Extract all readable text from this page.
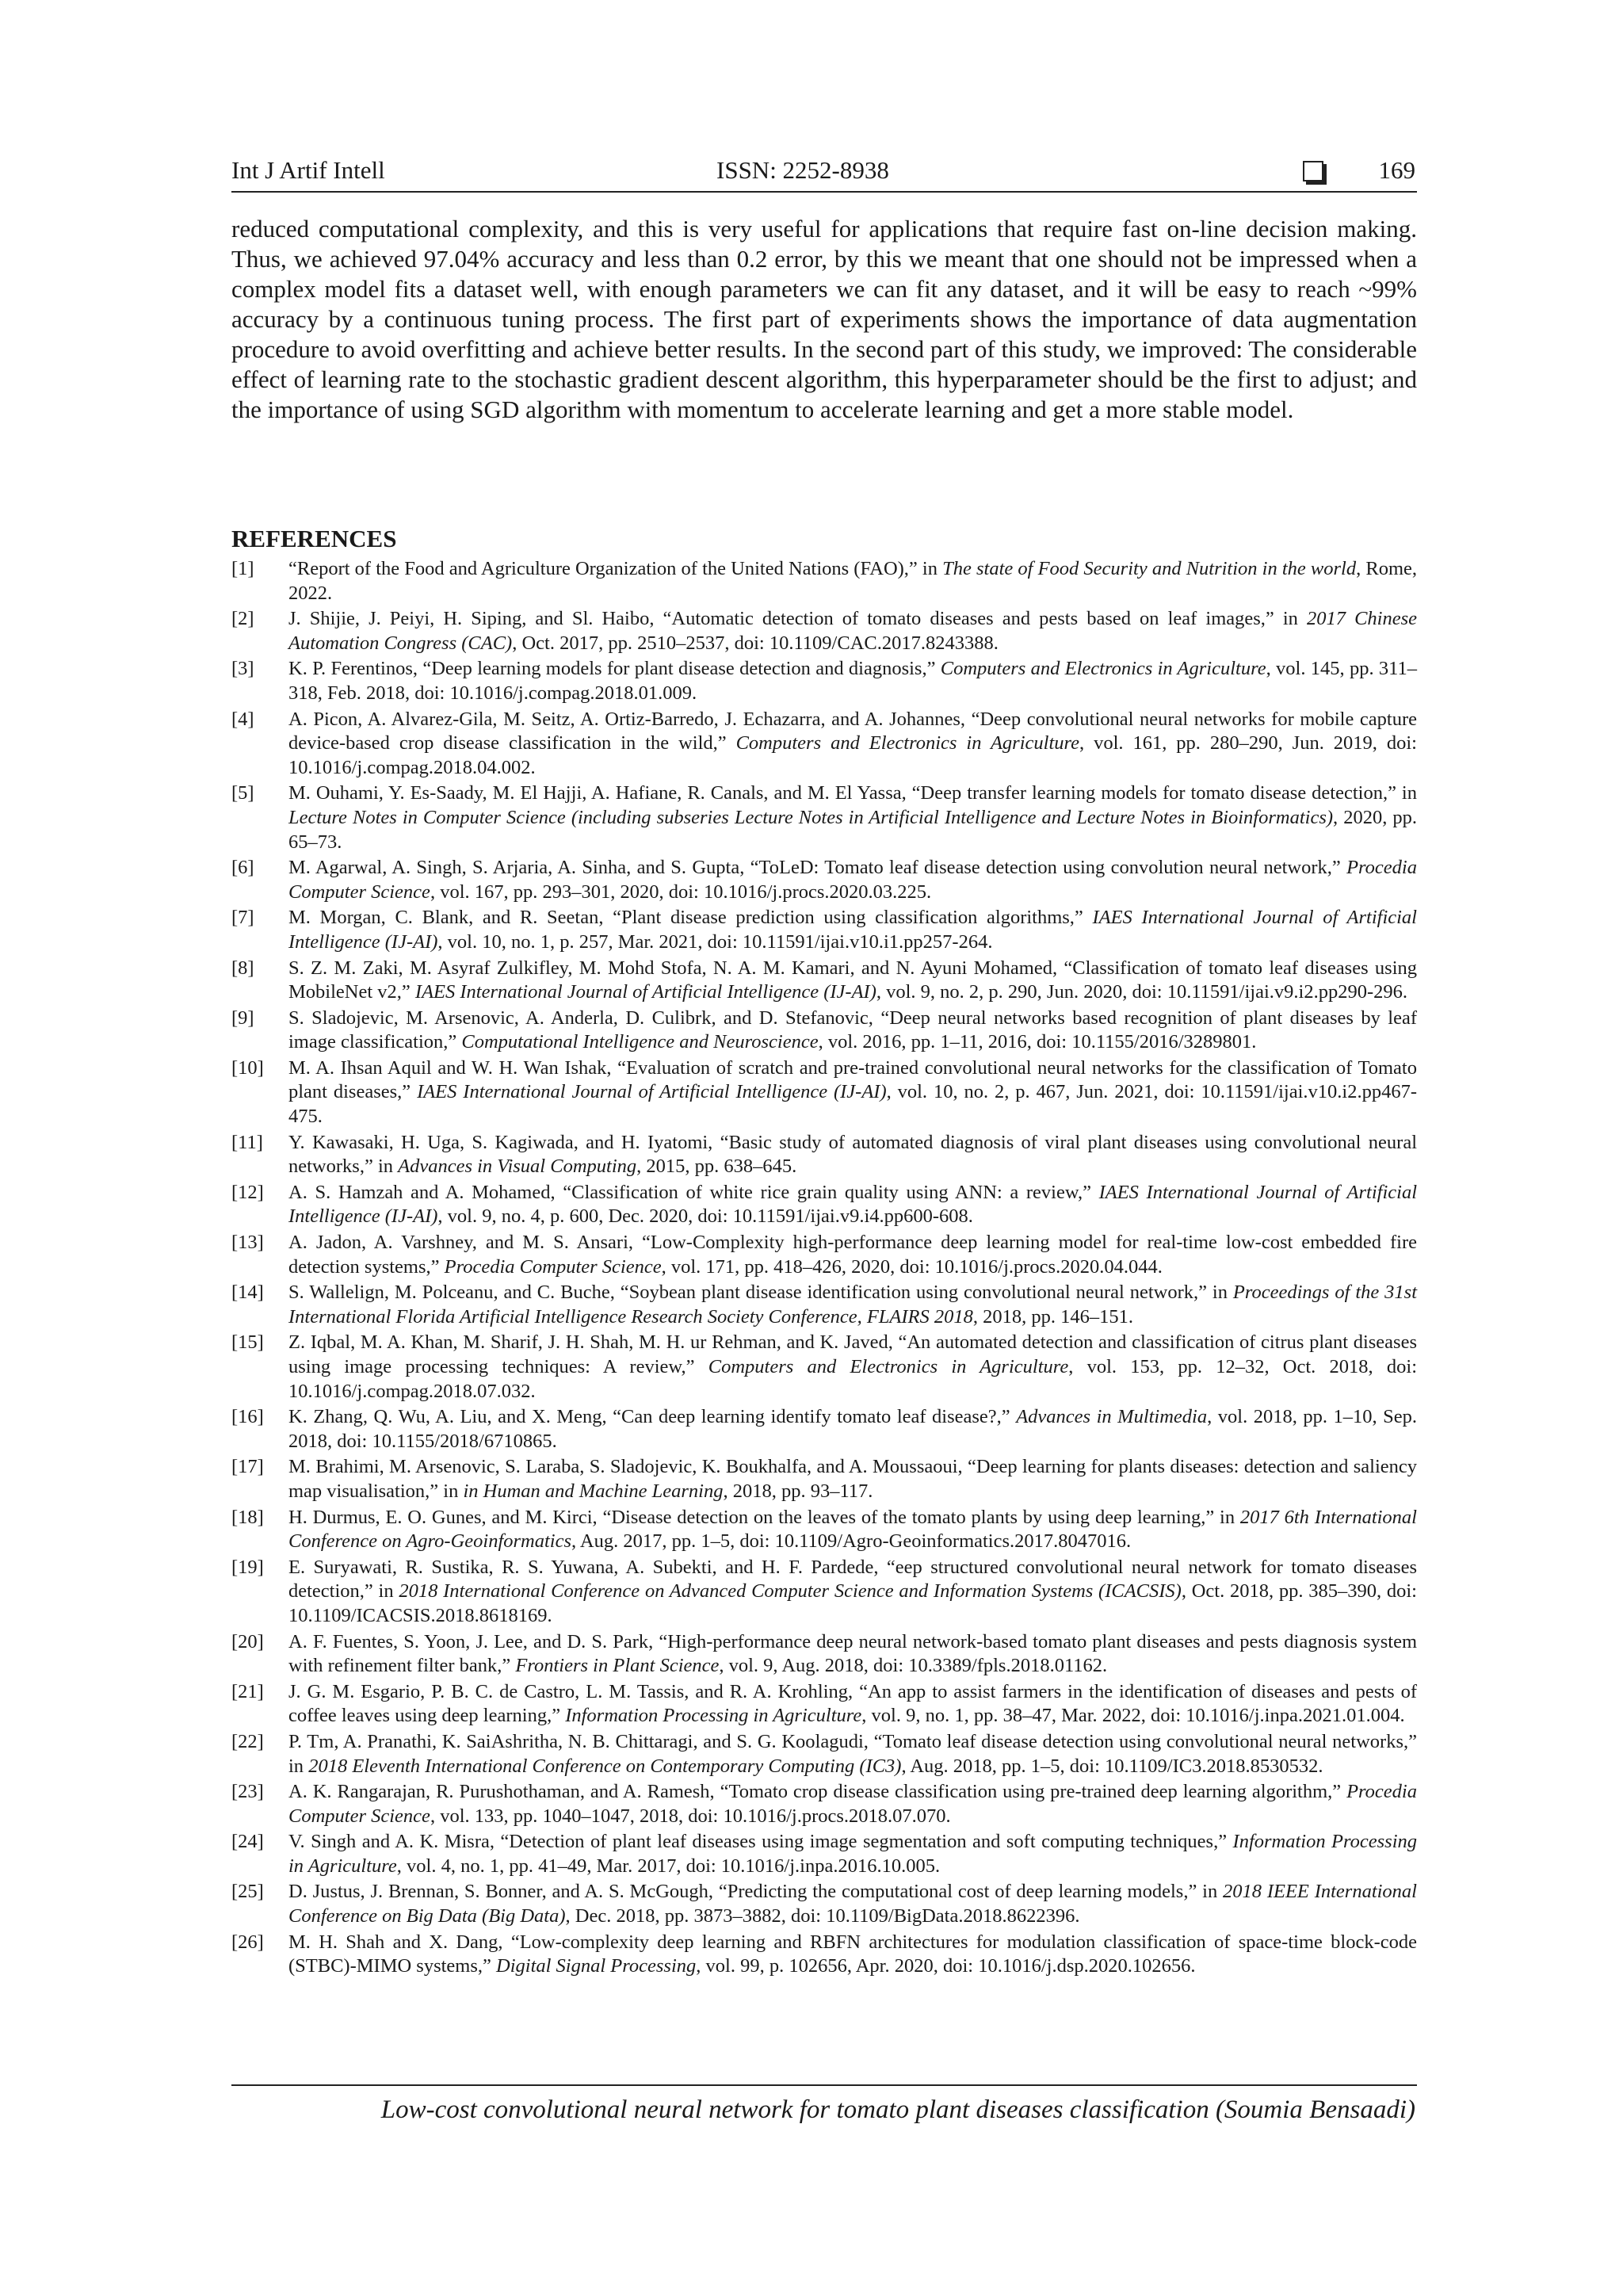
Int J Artif Intell	ISSN: 2252-8938	169

reduced computational complexity, and this is very useful for applications that require fast on-line decision making. Thus, we achieved 97.04% accuracy and less than 0.2 error, by this we meant that one should not be impressed when a complex model fits a dataset well, with enough parameters we can fit any dataset, and it will be easy to reach ~99% accuracy by a continuous tuning process. The first part of experiments shows the importance of data augmentation procedure to avoid overfitting and achieve better results. In the second part of this study, we improved: The considerable effect of learning rate to the stochastic gradient descent algorithm, this hyperparameter should be the first to adjust; and the importance of using SGD algorithm with momentum to accelerate learning and get a more stable model.

REFERENCES
[1]	“Report of the Food and Agriculture Organization of the United Nations (FAO),” in The state of Food Security and Nutrition in the world, Rome, 2022.
[2]	J. Shijie, J. Peiyi, H. Siping, and Sl. Haibo, “Automatic detection of tomato diseases and pests based on leaf images,” in 2017 Chinese Automation Congress (CAC), Oct. 2017, pp. 2510–2537, doi: 10.1109/CAC.2017.8243388.
[3]	K. P. Ferentinos, “Deep learning models for plant disease detection and diagnosis,” Computers and Electronics in Agriculture, vol. 145, pp. 311–318, Feb. 2018, doi: 10.1016/j.compag.2018.01.009.
[4]	A. Picon, A. Alvarez-Gila, M. Seitz, A. Ortiz-Barredo, J. Echazarra, and A. Johannes, “Deep convolutional neural networks for mobile capture device-based crop disease classification in the wild,” Computers and Electronics in Agriculture, vol. 161, pp. 280–290, Jun. 2019, doi: 10.1016/j.compag.2018.04.002.
[5]	M. Ouhami, Y. Es-Saady, M. El Hajji, A. Hafiane, R. Canals, and M. El Yassa, “Deep transfer learning models for tomato disease detection,” in Lecture Notes in Computer Science (including subseries Lecture Notes in Artificial Intelligence and Lecture Notes in Bioinformatics), 2020, pp. 65–73.
[6]	M. Agarwal, A. Singh, S. Arjaria, A. Sinha, and S. Gupta, “ToLeD: Tomato leaf disease detection using convolution neural network,” Procedia Computer Science, vol. 167, pp. 293–301, 2020, doi: 10.1016/j.procs.2020.03.225.
[7]	M. Morgan, C. Blank, and R. Seetan, “Plant disease prediction using classification algorithms,” IAES International Journal of Artificial Intelligence (IJ-AI), vol. 10, no. 1, p. 257, Mar. 2021, doi: 10.11591/ijai.v10.i1.pp257-264.
[8]	S. Z. M. Zaki, M. Asyraf Zulkifley, M. Mohd Stofa, N. A. M. Kamari, and N. Ayuni Mohamed, “Classification of tomato leaf diseases using MobileNet v2,” IAES International Journal of Artificial Intelligence (IJ-AI), vol. 9, no. 2, p. 290, Jun. 2020, doi: 10.11591/ijai.v9.i2.pp290-296.
[9]	S. Sladojevic, M. Arsenovic, A. Anderla, D. Culibrk, and D. Stefanovic, “Deep neural networks based recognition of plant diseases by leaf image classification,” Computational Intelligence and Neuroscience, vol. 2016, pp. 1–11, 2016, doi: 10.1155/2016/3289801.
[10]	M. A. Ihsan Aquil and W. H. Wan Ishak, “Evaluation of scratch and pre-trained convolutional neural networks for the classification of Tomato plant diseases,” IAES International Journal of Artificial Intelligence (IJ-AI), vol. 10, no. 2, p. 467, Jun. 2021, doi: 10.11591/ijai.v10.i2.pp467-475.
[11]	Y. Kawasaki, H. Uga, S. Kagiwada, and H. Iyatomi, “Basic study of automated diagnosis of viral plant diseases using convolutional neural networks,” in Advances in Visual Computing, 2015, pp. 638–645.
[12]	A. S. Hamzah and A. Mohamed, “Classification of white rice grain quality using ANN: a review,” IAES International Journal of Artificial Intelligence (IJ-AI), vol. 9, no. 4, p. 600, Dec. 2020, doi: 10.11591/ijai.v9.i4.pp600-608.
[13]	A. Jadon, A. Varshney, and M. S. Ansari, “Low-Complexity high-performance deep learning model for real-time low-cost embedded fire detection systems,” Procedia Computer Science, vol. 171, pp. 418–426, 2020, doi: 10.1016/j.procs.2020.04.044.
[14]	S. Wallelign, M. Polceanu, and C. Buche, “Soybean plant disease identification using convolutional neural network,” in Proceedings of the 31st International Florida Artificial Intelligence Research Society Conference, FLAIRS 2018, 2018, pp. 146–151.
[15]	Z. Iqbal, M. A. Khan, M. Sharif, J. H. Shah, M. H. ur Rehman, and K. Javed, “An automated detection and classification of citrus plant diseases using image processing techniques: A review,” Computers and Electronics in Agriculture, vol. 153, pp. 12–32, Oct. 2018, doi: 10.1016/j.compag.2018.07.032.
[16]	K. Zhang, Q. Wu, A. Liu, and X. Meng, “Can deep learning identify tomato leaf disease?,” Advances in Multimedia, vol. 2018, pp. 1–10, Sep. 2018, doi: 10.1155/2018/6710865.
[17]	M. Brahimi, M. Arsenovic, S. Laraba, S. Sladojevic, K. Boukhalfa, and A. Moussaoui, “Deep learning for plants diseases: detection and saliency map visualisation,” in in Human and Machine Learning, 2018, pp. 93–117.
[18]	H. Durmus, E. O. Gunes, and M. Kirci, “Disease detection on the leaves of the tomato plants by using deep learning,” in 2017 6th International Conference on Agro-Geoinformatics, Aug. 2017, pp. 1–5, doi: 10.1109/Agro-Geoinformatics.2017.8047016.
[19]	E. Suryawati, R. Sustika, R. S. Yuwana, A. Subekti, and H. F. Pardede, “eep structured convolutional neural network for tomato diseases detection,” in 2018 International Conference on Advanced Computer Science and Information Systems (ICACSIS), Oct. 2018, pp. 385–390, doi: 10.1109/ICACSIS.2018.8618169.
[20]	A. F. Fuentes, S. Yoon, J. Lee, and D. S. Park, “High-performance deep neural network-based tomato plant diseases and pests diagnosis system with refinement filter bank,” Frontiers in Plant Science, vol. 9, Aug. 2018, doi: 10.3389/fpls.2018.01162.
[21]	J. G. M. Esgario, P. B. C. de Castro, L. M. Tassis, and R. A. Krohling, “An app to assist farmers in the identification of diseases and pests of coffee leaves using deep learning,” Information Processing in Agriculture, vol. 9, no. 1, pp. 38–47, Mar. 2022, doi: 10.1016/j.inpa.2021.01.004.
[22]	P. Tm, A. Pranathi, K. SaiAshritha, N. B. Chittaragi, and S. G. Koolagudi, “Tomato leaf disease detection using convolutional neural networks,” in 2018 Eleventh International Conference on Contemporary Computing (IC3), Aug. 2018, pp. 1–5, doi: 10.1109/IC3.2018.8530532.
[23]	A. K. Rangarajan, R. Purushothaman, and A. Ramesh, “Tomato crop disease classification using pre-trained deep learning algorithm,” Procedia Computer Science, vol. 133, pp. 1040–1047, 2018, doi: 10.1016/j.procs.2018.07.070.
[24]	V. Singh and A. K. Misra, “Detection of plant leaf diseases using image segmentation and soft computing techniques,” Information Processing in Agriculture, vol. 4, no. 1, pp. 41–49, Mar. 2017, doi: 10.1016/j.inpa.2016.10.005.
[25]	D. Justus, J. Brennan, S. Bonner, and A. S. McGough, “Predicting the computational cost of deep learning models,” in 2018 IEEE International Conference on Big Data (Big Data), Dec. 2018, pp. 3873–3882, doi: 10.1109/BigData.2018.8622396.
[26]	M. H. Shah and X. Dang, “Low-complexity deep learning and RBFN architectures for modulation classification of space-time block-code (STBC)-MIMO systems,” Digital Signal Processing, vol. 99, p. 102656, Apr. 2020, doi: 10.1016/j.dsp.2020.102656.
Low-cost convolutional neural network for tomato plant diseases classification (Soumia Bensaadi)
